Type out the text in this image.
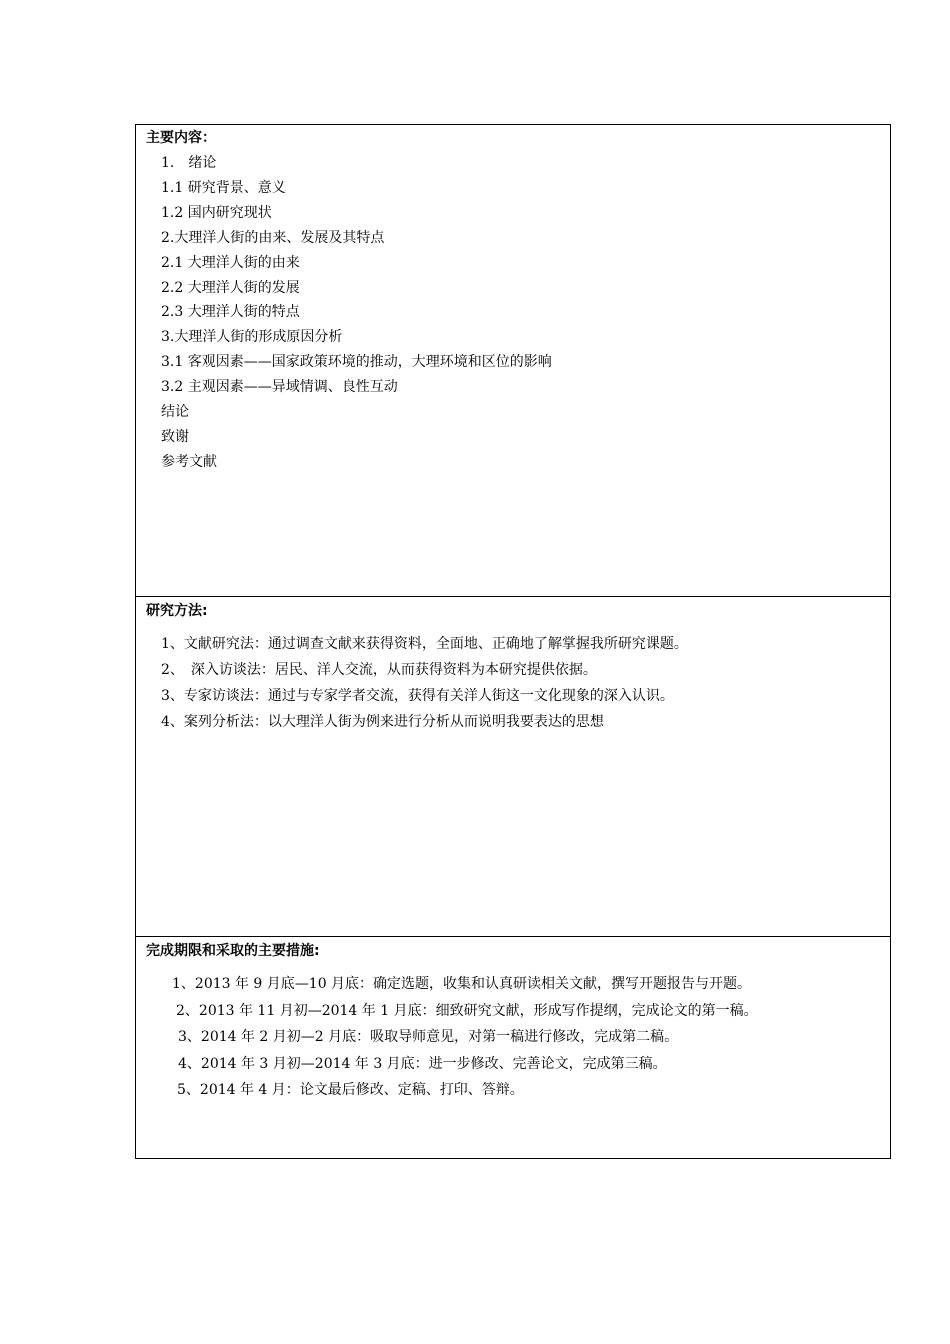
主要内容：
1.　绪论
1.1 研究背景、意义
1.2 国内研究现状
2.大理洋人街的由来、发展及其特点
2.1 大理洋人街的由来
2.2 大理洋人街的发展
2.3 大理洋人街的特点
3.大理洋人街的形成原因分析
3.1 客观因素——国家政策环境的推动，大理环境和区位的影响
3.2 主观因素——异域情调、良性互动
结论
致谢
参考文献
研究方法:
1、文献研究法：通过调查文献来获得资料，全面地、正确地了解掌握我所研究课题。
2、　深入访谈法：居民、洋人交流，从而获得资料为本研究提供依据。
3、专家访谈法：通过与专家学者交流，获得有关洋人街这一文化现象的深入认识。
4、案列分析法：以大理洋人街为例来进行分析从而说明我要表达的思想
完成期限和采取的主要措施:
1、2013 年 9 月底—10 月底：确定选题，收集和认真研读相关文献，撰写开题报告与开题。
2、2013 年 11 月初—2014 年 1 月底：细致研究文献，形成写作提纲，完成论文的第一稿。
3、2014 年 2 月初—2 月底：吸取导师意见，对第一稿进行修改，完成第二稿。
4、2014 年 3 月初—2014 年 3 月底：进一步修改、完善论文，完成第三稿。
5、2014 年 4 月：论文最后修改、定稿、打印、答辩。
